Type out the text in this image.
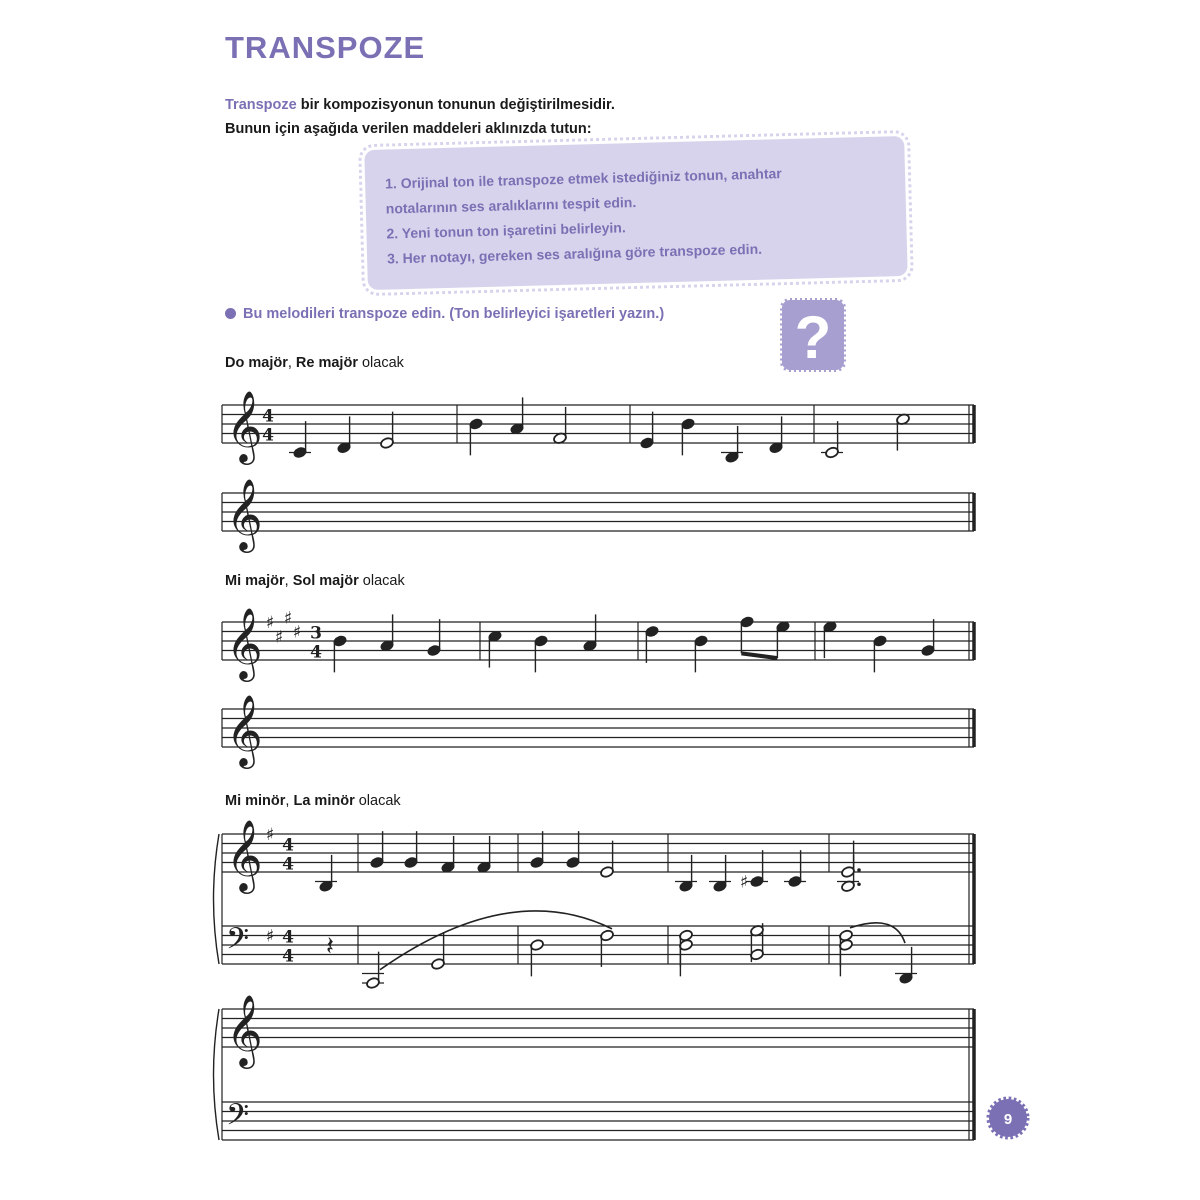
TRANSPOZE
Transpoze bir kompozisyonun tonunun değiştirilmesidir.
Bunun için aşağıda verilen maddeleri aklınızda tutun:
1. Orijinal ton ile transpoze etmek istediğiniz tonun, anahtar
notalarının ses aralıklarını tespit edin.
2. Yeni tonun ton işaretini belirleyin.
3. Her notayı, gereken ses aralığına göre transpoze edin.
Bu melodileri transpoze edin. (Ton belirleyici işaretleri yazın.) ?
Do majör, Re majör olacak
Mi majör, Sol majör olacak
Mi minör, La minör olacak
𝄞 4
4
𝄞
𝄞 ♯
♯
♯
♯ 3
4
𝄞
𝄞
𝄢
♯
♯
4
4
4
4
♯
𝄽
𝄞
𝄢	9
